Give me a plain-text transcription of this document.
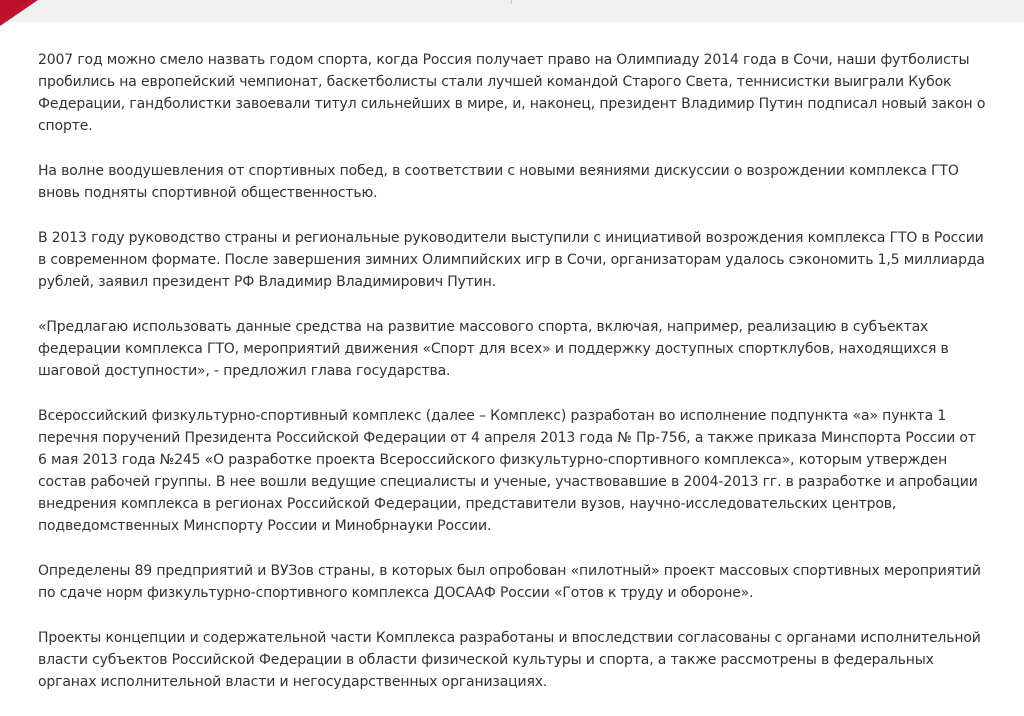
2007 год можно смело назвать годом спорта, когда Россия получает право на Олимпиаду 2014 года в Сочи, наши футболисты пробились на европейский чемпионат, баскетболисты стали лучшей командой Старого Света, теннисистки выиграли Кубок Федерации, гандболистки завоевали титул сильнейших в мире, и, наконец, президент Владимир Путин подписал новый закон о спорте.

На волне воодушевления от спортивных побед, в соответствии с новыми веяниями дискуссии о возрождении комплекса ГТО вновь подняты спортивной общественностью.

В 2013 году руководство страны и региональные руководители выступили с инициативой возрождения комплекса ГТО в России в современном формате. После завершения зимних Олимпийских игр в Сочи, организаторам удалось сэкономить 1,5 миллиарда рублей, заявил президент РФ Владимир Владимирович Путин.

«Предлагаю использовать данные средства на развитие массового спорта, включая, например, реализацию в субъектах федерации комплекса ГТО, мероприятий движения «Спорт для всех» и поддержку доступных спортклубов, находящихся в шаговой доступности», - предложил глава государства.

Всероссийский физкультурно-спортивный комплекс (далее – Комплекс) разработан во исполнение подпункта «а» пункта 1 перечня поручений Президента Российской Федерации от 4 апреля 2013 года № Пр-756, а также приказа Минспорта России от 6 мая 2013 года №245 «О разработке проекта Всероссийского физкультурно-спортивного комплекса», которым утвержден состав рабочей группы. В нее вошли ведущие специалисты и ученые, участвовавшие в 2004-2013 гг. в разработке и апробации внедрения комплекса в регионах Российской Федерации, представители вузов, научно-исследовательских центров, подведомственных Минспорту России и Минобрнауки России.

Определены 89 предприятий и ВУЗов страны, в которых был опробован «пилотный» проект массовых спортивных мероприятий по сдаче норм физкультурно-спортивного комплекса ДОСААФ России «Готов к труду и обороне».

Проекты концепции и содержательной части Комплекса разработаны и впоследствии согласованы с органами исполнительной власти субъектов Российской Федерации в области физической культуры и спорта, а также рассмотрены в федеральных органах исполнительной власти и негосударственных организациях.
